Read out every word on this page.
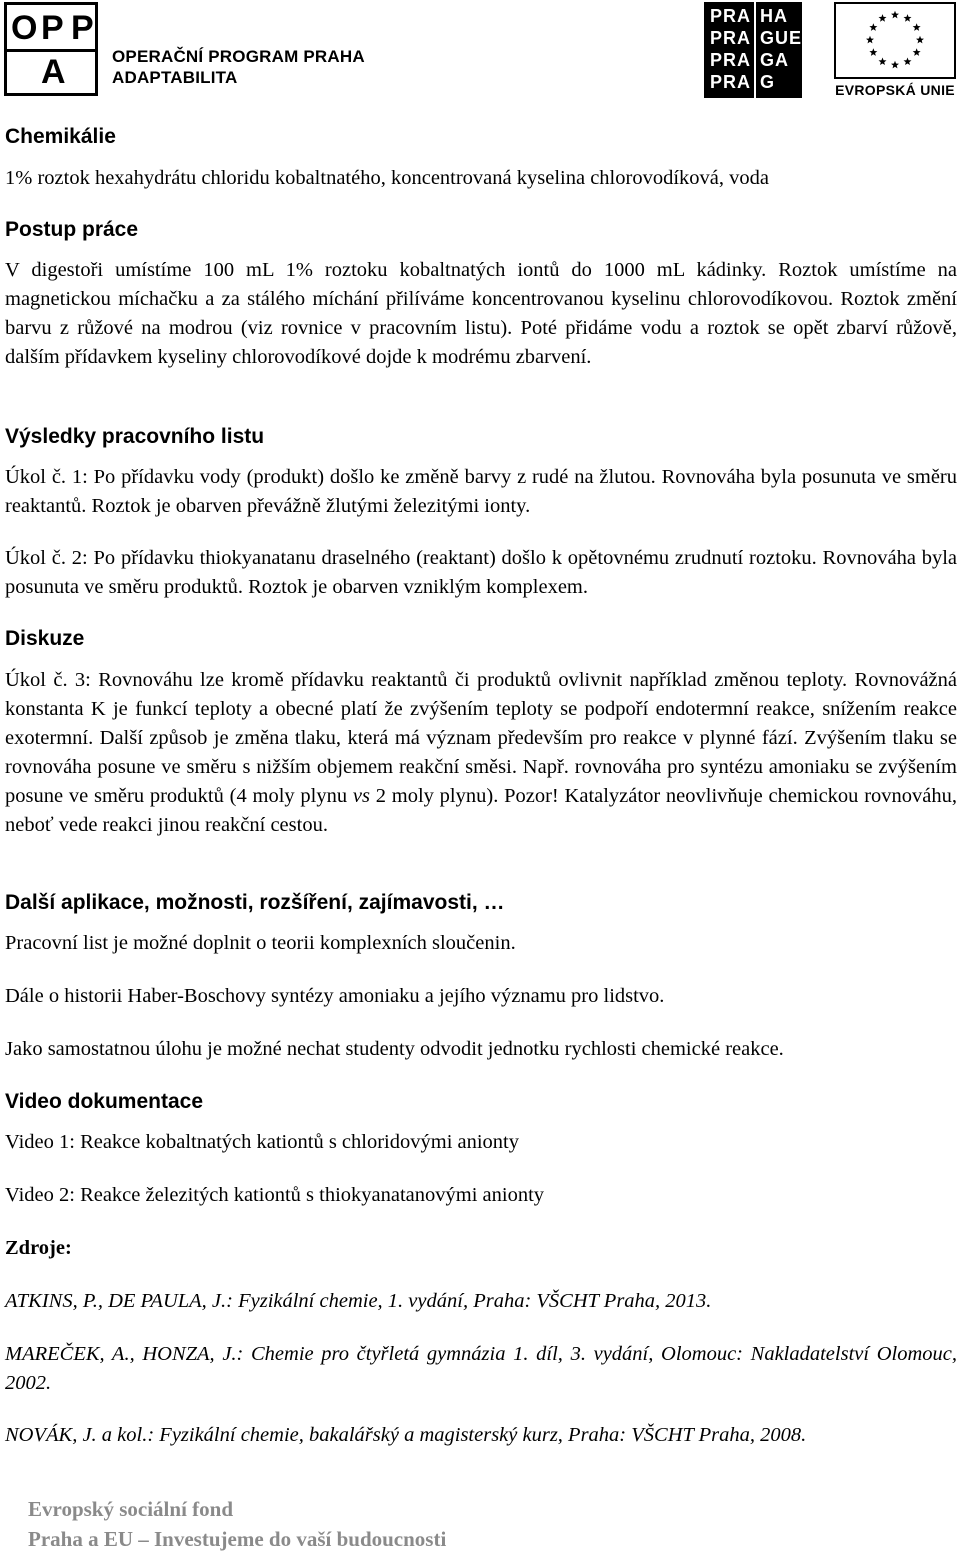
O P P
A	OPERAČNÍ PROGRAM PRAHA
ADAPTABILITA
PRA HA
PRA GUE
PRA GA
PRA G	EVROPSKÁ UNIE
Chemikálie
1% roztok hexahydrátu chloridu kobaltnatého, koncentrovaná kyselina chlorovodíková, voda
Postup práce
V digestoři umístíme 100 mL 1% roztoku kobaltnatých iontů do 1000 mL kádinky. Roztok umístíme na magnetickou míchačku a za stálého míchání přilíváme koncentrovanou kyselinu chlorovodíkovou. Roztok změní barvu z růžové na modrou (viz rovnice v pracovním listu). Poté přidáme vodu a roztok se opět zbarví růžově, dalším přídavkem kyseliny chlorovodíkové dojde k modrému zbarvení.
Výsledky pracovního listu
Úkol č. 1: Po přídavku vody (produkt) došlo ke změně barvy z rudé na žlutou. Rovnováha byla posunuta ve směru reaktantů. Roztok je obarven převážně žlutými železitými ionty.
Úkol č. 2: Po přídavku thiokyanatanu draselného (reaktant) došlo k opětovnému zrudnutí roztoku. Rovnováha byla posunuta ve směru produktů. Roztok je obarven vzniklým komplexem.
Diskuze
Úkol č. 3: Rovnováhu lze kromě přídavku reaktantů či produktů ovlivnit například změnou teploty. Rovnovážná konstanta K je funkcí teploty a obecné platí že zvýšením teploty se podpoří endotermní reakce, snížením reakce exotermní. Další způsob je změna tlaku, která má význam především pro reakce v plynné fází. Zvýšením tlaku se rovnováha posune ve směru s nižším objemem reakční směsi. Např. rovnováha pro syntézu amoniaku se zvýšením posune ve směru produktů (4 moly plynu vs 2 moly plynu). Pozor! Katalyzátor neovlivňuje chemickou rovnováhu, neboť vede reakci jinou reakční cestou.
Další aplikace, možnosti, rozšíření, zajímavosti, …
Pracovní list je možné doplnit o teorii komplexních sloučenin.
Dále o historii Haber-Boschovy syntézy amoniaku a jejího významu pro lidstvo.
Jako samostatnou úlohu je možné nechat studenty odvodit jednotku rychlosti chemické reakce.
Video dokumentace
Video 1: Reakce kobaltnatých kationtů s chloridovými anionty
Video 2: Reakce železitých kationtů s thiokyanatanovými anionty
Zdroje:
ATKINS, P., DE PAULA, J.: Fyzikální chemie, 1. vydání, Praha: VŠCHT Praha, 2013.
MAREČEK, A., HONZA, J.: Chemie pro čtyřletá gymnázia 1. díl, 3. vydání, Olomouc: Nakladatelství Olomouc, 2002.
NOVÁK, J. a kol.: Fyzikální chemie, bakalářský a magisterský kurz, Praha: VŠCHT Praha, 2008.
Evropský sociální fond
Praha a EU – Investujeme do vaší budoucnosti
